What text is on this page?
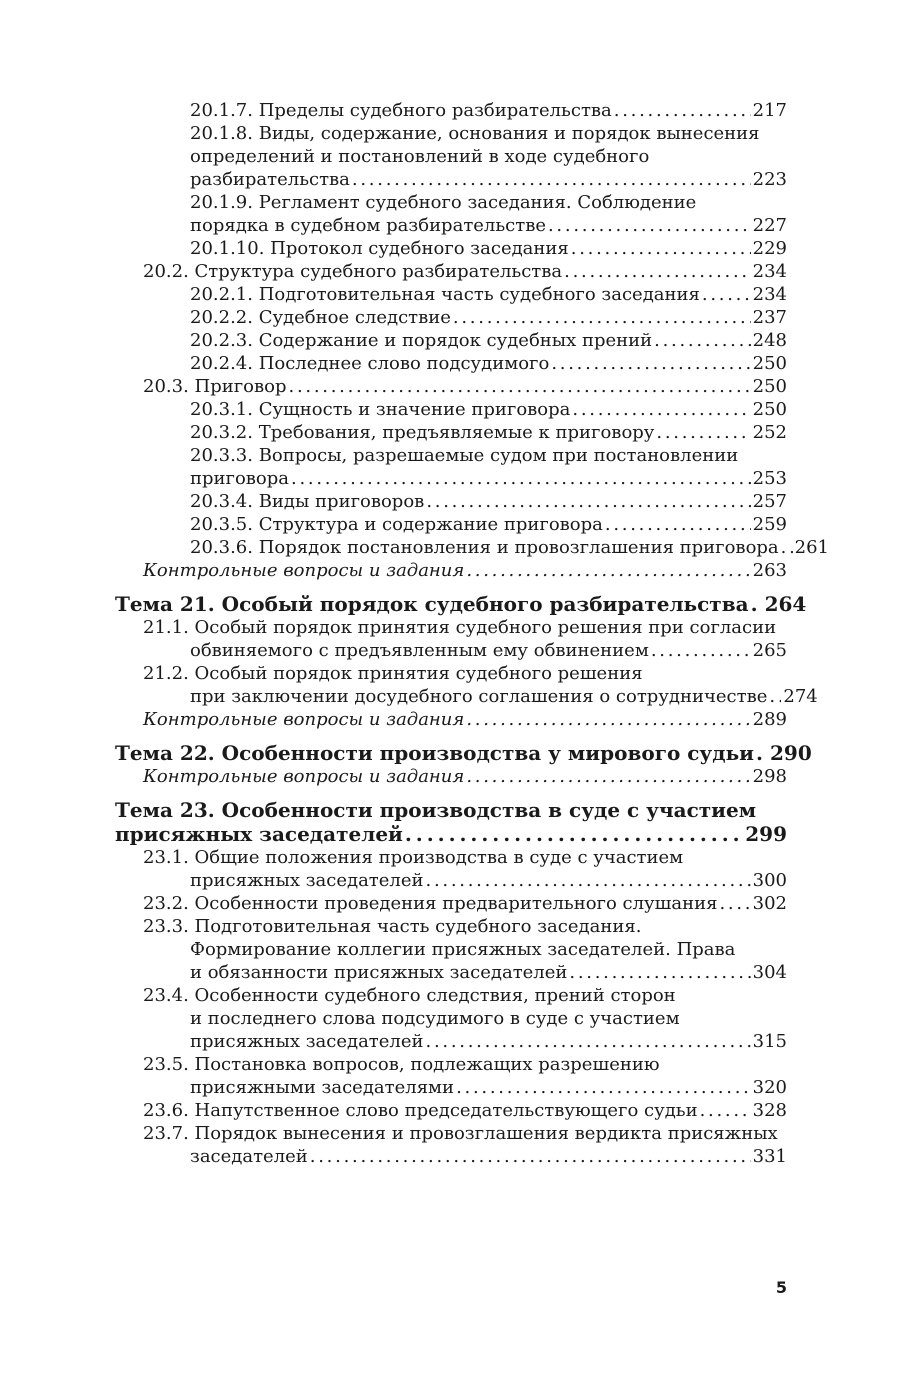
20.1.7. Пределы судебного разбирательства . . .	217
20.1.8. Виды, содержание, основания и порядок вынесения
определений и постановлений в ходе судебного
разбирательства . . .	223
20.1.9. Регламент судебного заседания. Соблюдение
порядка в судебном разбирательстве . . .	227
20.1.10. Протокол судебного заседания . . .	229
20.2. Структура судебного разбирательства . . .	234
20.2.1. Подготовительная часть судебного заседания . . .	234
20.2.2. Судебное следствие . . .	237
20.2.3. Содержание и порядок судебных прений . . .	248
20.2.4. Последнее слово подсудимого . . .	250
20.3. Приговор . . .	250
20.3.1. Сущность и значение приговора . . .	250
20.3.2. Требования, предъявляемые к приговору . . .	252
20.3.3. Вопросы, разрешаемые судом при постановлении
приговора . . .	253
20.3.4. Виды приговоров . . .	257
20.3.5. Структура и содержание приговора . . .	259
20.3.6. Порядок постановления и провозглашения приговора . . . 261
Контрольные вопросы и задания . . .	263
Тема 21. Особый порядок судебного разбирательства . . . 264
21.1. Особый порядок принятия судебного решения при согласии
обвиняемого с предъявленным ему обвинением . . .	265
21.2. Особый порядок принятия судебного решения
при заключении досудебного соглашения о сотрудничестве . . . 274
Контрольные вопросы и задания . . .	289
Тема 22. Особенности производства у мирового судьи . . . 290
Контрольные вопросы и задания . . .	298
Тема 23. Особенности производства в суде с участием
присяжных заседателей . . .	299
23.1. Общие положения производства в суде с участием
присяжных заседателей . . .	300
23.2. Особенности проведения предварительного слушания . . . 302
23.3. Подготовительная часть судебного заседания.
Формирование коллегии присяжных заседателей. Права
и обязанности присяжных заседателей . . .	304
23.4. Особенности судебного следствия, прений сторон
и последнего слова подсудимого в суде с участием
присяжных заседателей . . .	315
23.5. Постановка вопросов, подлежащих разрешению
присяжными заседателями . . .	320
23.6. Напутственное слово председательствующего судьи . . .	328
23.7. Порядок вынесения и провозглашения вердикта присяжных
заседателей . . .	331
5
